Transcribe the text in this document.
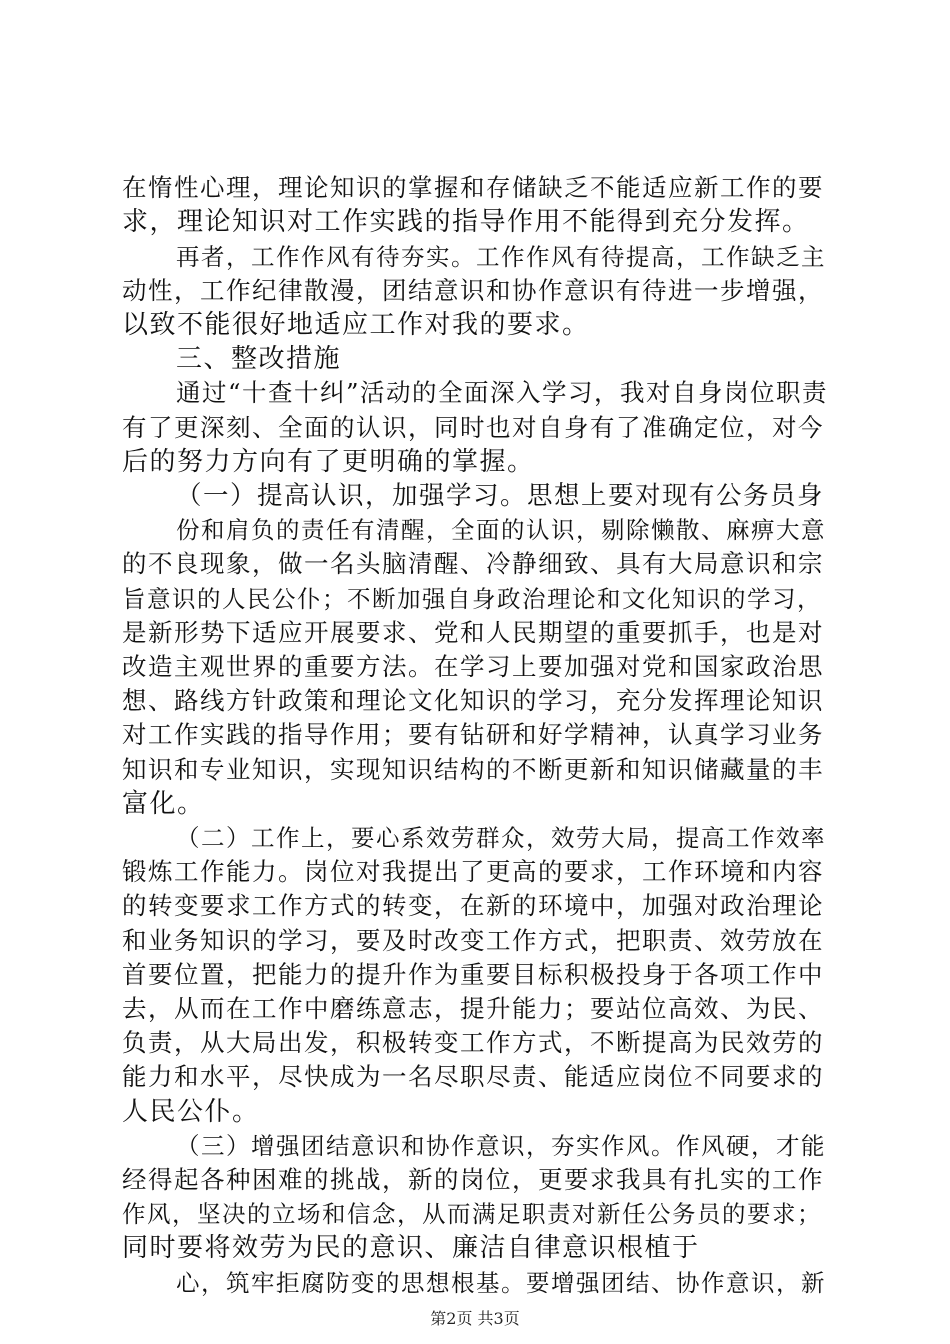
在惰性心理，理论知识的掌握和存储缺乏不能适应新工作的要

求，理论知识对工作实践的指导作用不能得到充分发挥。

再者，工作作风有待夯实。工作作风有待提高，工作缺乏主

动性，工作纪律散漫，团结意识和协作意识有待进一步增强，

以致不能很好地适应工作对我的要求。

三、整改措施

通过“十查十纠”活动的全面深入学习，我对自身岗位职责

有了更深刻、全面的认识，同时也对自身有了准确定位，对今

后的努力方向有了更明确的掌握。

（一）提高认识，加强学习。思想上要对现有公务员身

份和肩负的责任有清醒，全面的认识，剔除懒散、麻痹大意

的不良现象，做一名头脑清醒、冷静细致、具有大局意识和宗

旨意识的人民公仆；不断加强自身政治理论和文化知识的学习，

是新形势下适应开展要求、党和人民期望的重要抓手，也是对

改造主观世界的重要方法。在学习上要加强对党和国家政治思

想、路线方针政策和理论文化知识的学习，充分发挥理论知识

对工作实践的指导作用；要有钻研和好学精神，认真学习业务

知识和专业知识，实现知识结构的不断更新和知识储藏量的丰

富化。

（二）工作上，要心系效劳群众，效劳大局，提高工作效率

锻炼工作能力。岗位对我提出了更高的要求，工作环境和内容

的转变要求工作方式的转变，在新的环境中，加强对政治理论

和业务知识的学习，要及时改变工作方式，把职责、效劳放在

首要位置，把能力的提升作为重要目标积极投身于各项工作中

去，从而在工作中磨练意志，提升能力；要站位高效、为民、

负责，从大局出发，积极转变工作方式，不断提高为民效劳的

能力和水平，尽快成为一名尽职尽责、能适应岗位不同要求的

人民公仆。

（三）增强团结意识和协作意识，夯实作风。作风硬，才能

经得起各种困难的挑战，新的岗位，更要求我具有扎实的工作

作风，坚决的立场和信念，从而满足职责对新任公务员的要求；

同时要将效劳为民的意识、廉洁自律意识根植于

心，筑牢拒腐防变的思想根基。要增强团结、协作意识，新

第2页 共3页
